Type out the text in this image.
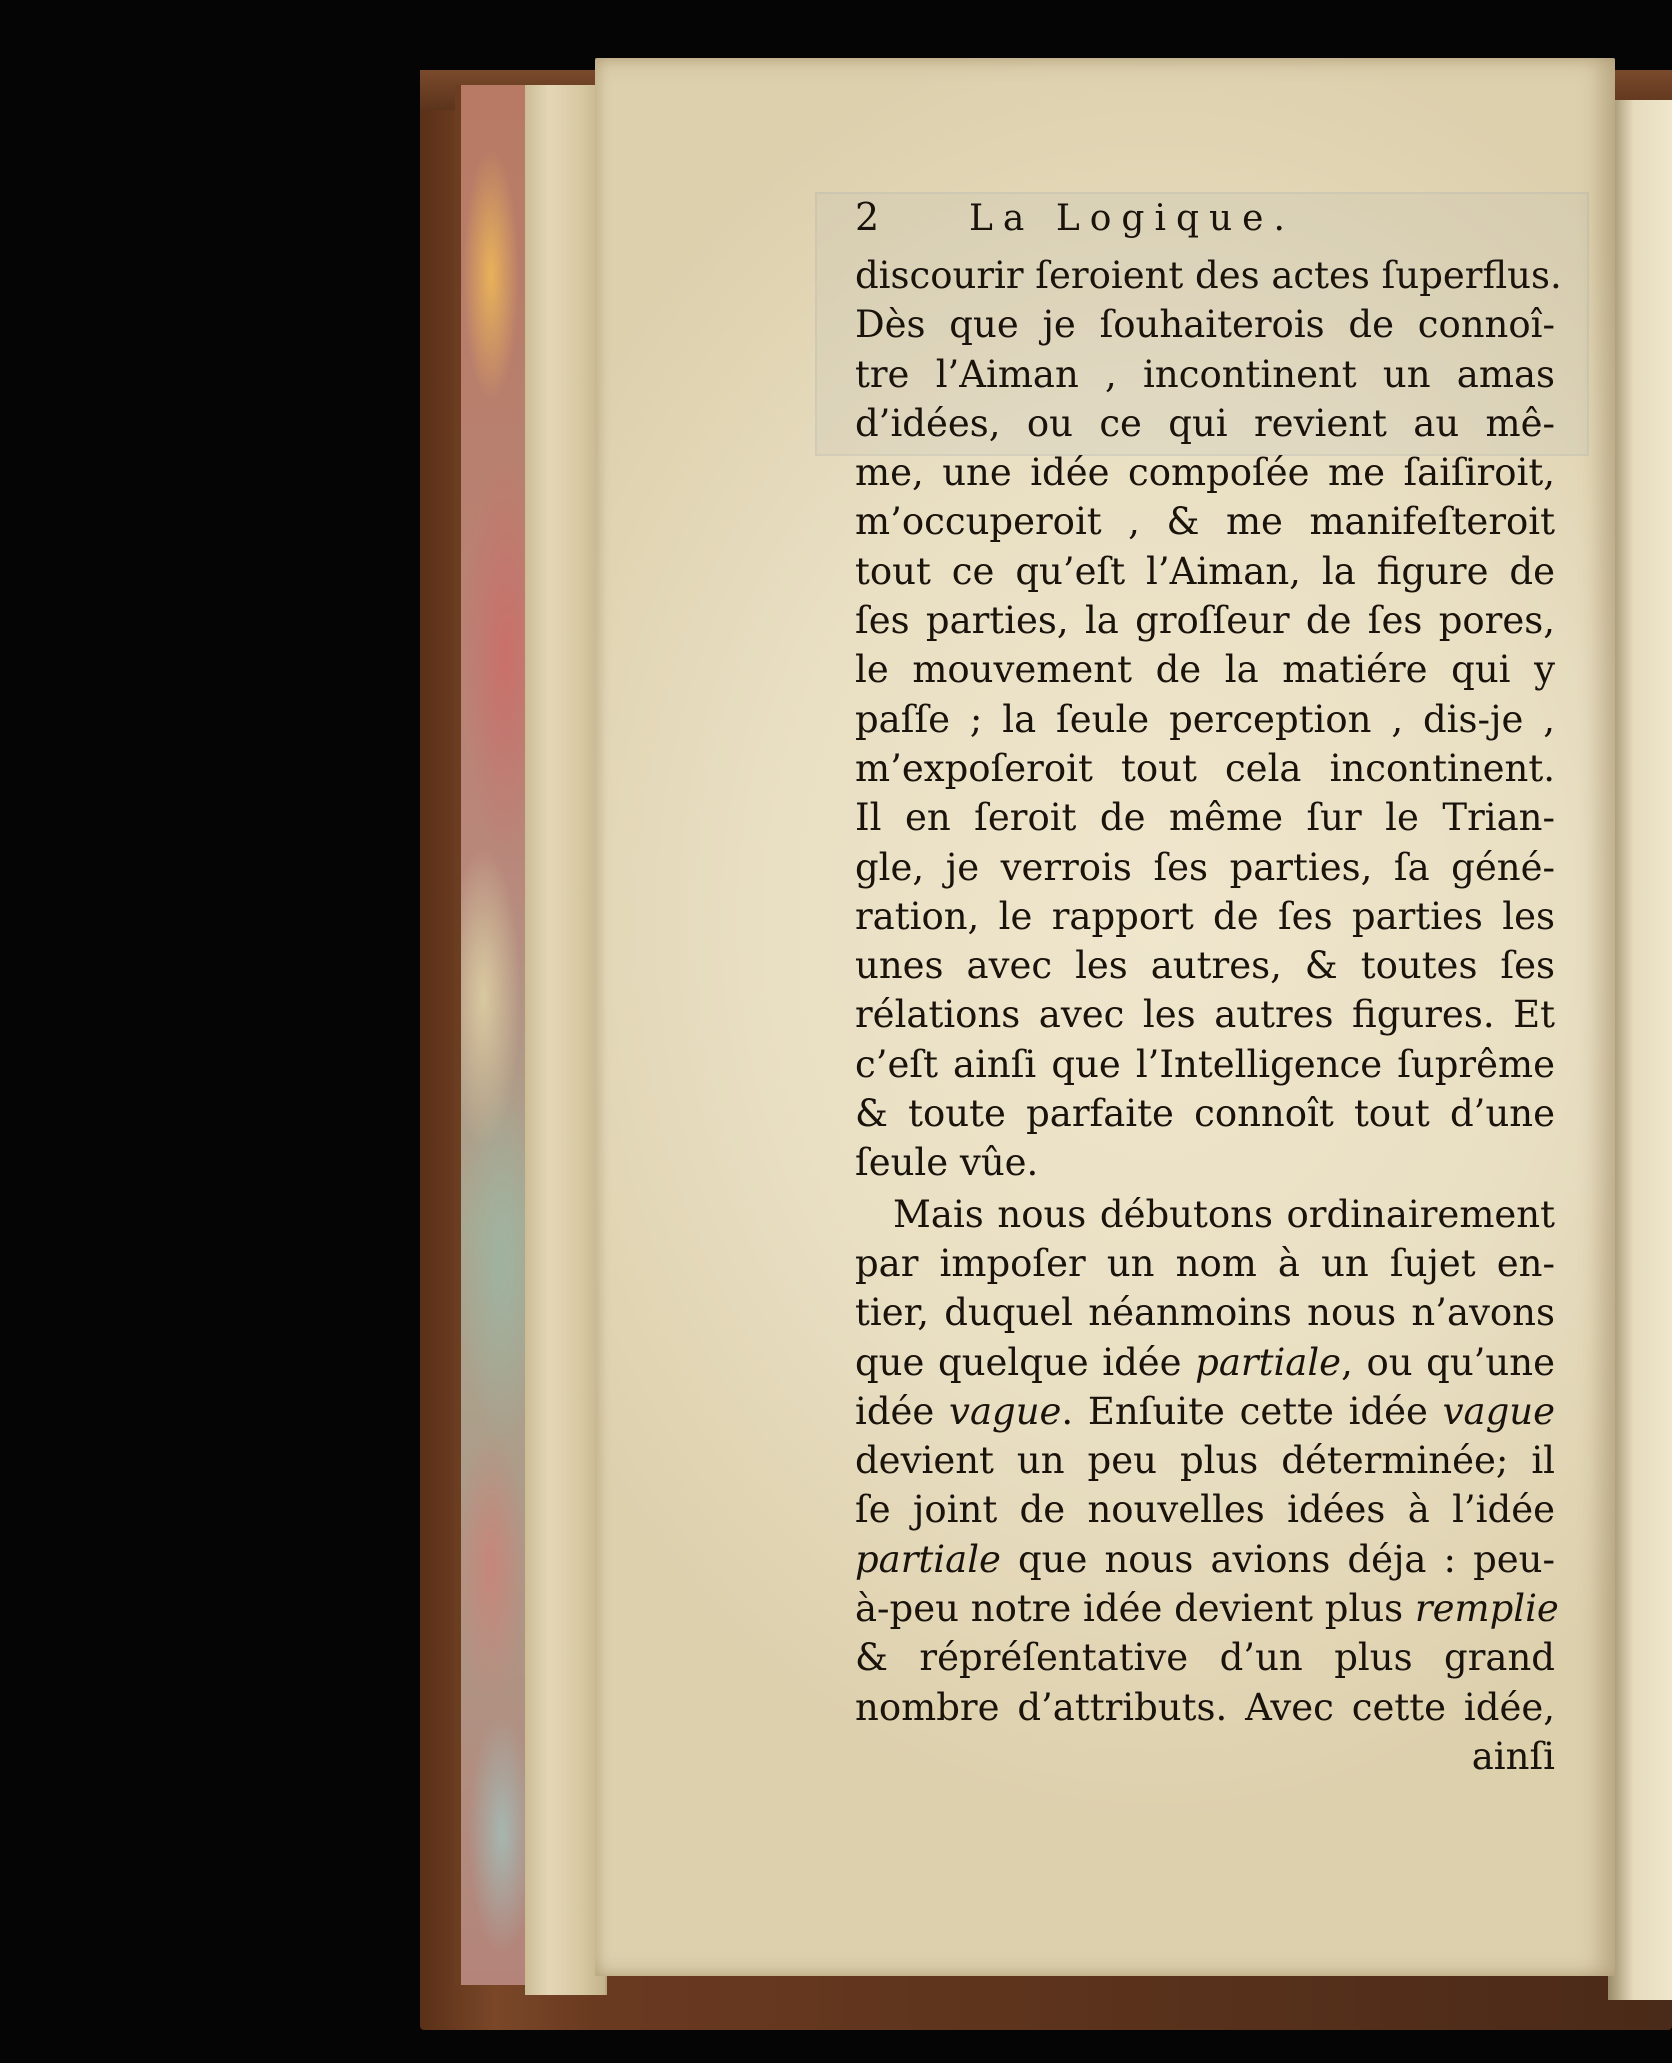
2	La Logique.
discourir ſeroient des actes ſuperflus.
Dès que je ſouhaiterois de connoî-
tre l’Aiman , incontinent un amas
d’idées, ou ce qui revient au mê-
me, une idée compoſée me ſaiſiroit,
m’occuperoit , & me manifeſteroit
tout ce qu’eſt l’Aiman, la figure de
ſes parties, la groſſeur de ſes pores,
le mouvement de la matiére qui y
paſſe ; la ſeule perception , dis-je ,
m’expoſeroit tout cela incontinent.
Il en ſeroit de même ſur le Trian-
gle, je verrois ſes parties, ſa géné-
ration, le rapport de ſes parties les
unes avec les autres, & toutes ſes
rélations avec les autres figures. Et
c’eſt ainſi que l’Intelligence ſuprême
& toute parfaite connoît tout d’une
ſeule vûe.
Mais nous débutons ordinairement
par impoſer un nom à un ſujet en-
tier, duquel néanmoins nous n’avons
que quelque idée partiale, ou qu’une
idée vague. Enſuite cette idée vague
devient un peu plus déterminée; il
ſe joint de nouvelles idées à l’idée
partiale que nous avions déja : peu-
à-peu notre idée devient plus remplie
& répréſentative d’un plus grand
nombre d’attributs. Avec cette idée,
ainſi
